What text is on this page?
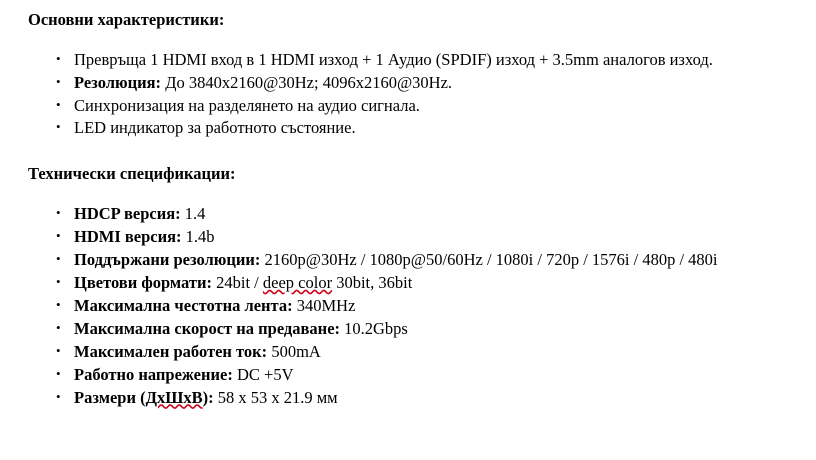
Основни характеристики:
• Превръща 1 HDMI вход в 1 HDMI изход + 1 Аудио (SPDIF) изход + 3.5mm аналогов изход.
• Резолюция: До 3840x2160@30Hz; 4096x2160@30Hz.
• Синхронизация на разделянето на аудио сигнала.
• LED индикатор за работното състояние.
Технически спецификации:
• HDCP версия: 1.4
• HDMI версия: 1.4b
• Поддържани резолюции: 2160p@30Hz / 1080p@50/60Hz / 1080i / 720p / 1576i / 480p / 480i
• Цветови формати: 24bit / deep color 30bit, 36bit
• Максимална честотна лента: 340MHz
• Максимална скорост на предаване: 10.2Gbps
• Максимален работен ток: 500mA
• Работно напрежение: DC +5V
• Размери (ДхШхВ): 58 x 53 x 21.9 мм
